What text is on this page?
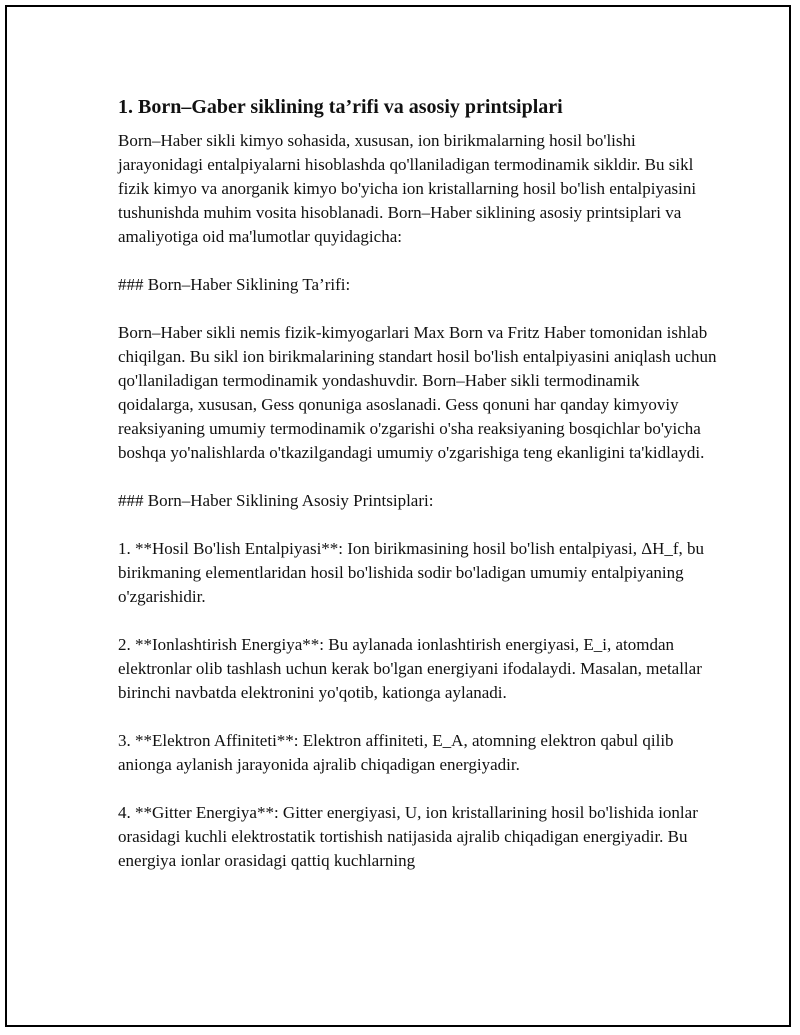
1. Born–Gaber siklining ta’rifi va asosiy printsiplari

Born–Haber sikli kimyo sohasida, xususan, ion birikmalarning hosil bo'lishi jarayonidagi entalpiyalarni hisoblashda qo'llaniladigan termodinamik sikldir. Bu sikl fizik kimyo va anorganik kimyo bo'yicha ion kristallarning hosil bo'lish entalpiyasini tushunishda muhim vosita hisoblanadi. Born–Haber siklining asosiy printsiplari va amaliyotiga oid ma'lumotlar quyidagicha:

### Born–Haber Siklining Ta’rifi:

Born–Haber sikli nemis fizik-kimyogarlari Max Born va Fritz Haber tomonidan ishlab chiqilgan. Bu sikl ion birikmalarining standart hosil bo'lish entalpiyasini aniqlash uchun qo'llaniladigan termodinamik yondashuvdir. Born–Haber sikli termodinamik qoidalarga, xususan, Gess qonuniga asoslanadi. Gess qonuni har qanday kimyoviy reaksiyaning umumiy termodinamik o'zgarishi o'sha reaksiyaning bosqichlar bo'yicha boshqa yo'nalishlarda o'tkazilgandagi umumiy o'zgarishiga teng ekanligini ta'kidlaydi.

### Born–Haber Siklining Asosiy Printsiplari:

1. **Hosil Bo'lish Entalpiyasi**: Ion birikmasining hosil bo'lish entalpiyasi, ΔH_f, bu birikmaning elementlaridan hosil bo'lishida sodir bo'ladigan umumiy entalpiyaning o'zgarishidir.

2. **Ionlashtirish Energiya**: Bu aylanada ionlashtirish energiyasi, E_i, atomdan elektronlar olib tashlash uchun kerak bo'lgan energiyani ifodalaydi. Masalan, metallar birinchi navbatda elektronini yo'qotib, kationga aylanadi.

3. **Elektron Affiniteti**: Elektron affiniteti, E_A, atomning elektron qabul qilib anionga aylanish jarayonida ajralib chiqadigan energiyadir.

4. **Gitter Energiya**: Gitter energiyasi, U, ion kristallarining hosil bo'lishida ionlar orasidagi kuchli elektrostatik tortishish natijasida ajralib chiqadigan energiyadir. Bu energiya ionlar orasidagi qattiq kuchlarning
